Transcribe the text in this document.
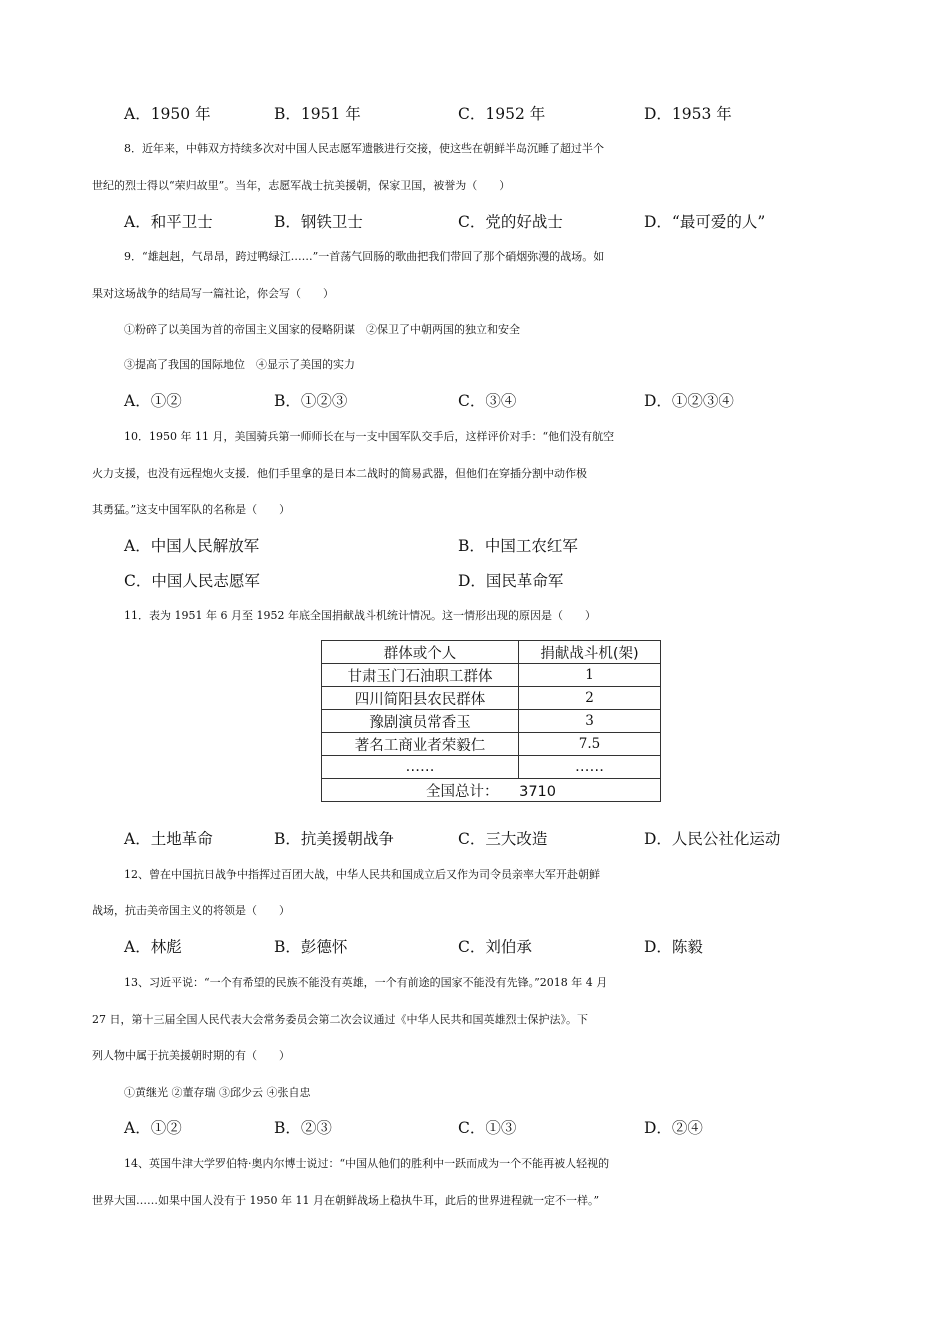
A．1950 年	B．1951 年	C．1952 年	D．1953 年
8．近年来，中韩双方持续多次对中国人民志愿军遗骸进行交接，使这些在朝鲜半岛沉睡了超过半个
世纪的烈士得以“荣归故里”。当年，志愿军战士抗美援朝，保家卫国，被誉为（　　）
A．和平卫士	B．钢铁卫士	C．党的好战士	D．“最可爱的人”
9．“雄赳赳，气昂昂，跨过鸭绿江……”一首荡气回肠的歌曲把我们带回了那个硝烟弥漫的战场。如
果对这场战争的结局写一篇社论，你会写（　　）
①粉碎了以美国为首的帝国主义国家的侵略阴谋　②保卫了中朝两国的独立和安全
③提高了我国的国际地位　④显示了美国的实力
A．①②	B．①②③	C．③④	D．①②③④
10．1950 年 11 月，美国骑兵第一师师长在与一支中国军队交手后，这样评价对手：“他们没有航空
火力支援，也没有远程炮火支援．他们手里拿的是日本二战时的简易武器，但他们在穿插分割中动作极
其勇猛。”这支中国军队的名称是（　　）
A．中国人民解放军	B．中国工农红军
C．中国人民志愿军	D．国民革命军
11．表为 1951 年 6 月至 1952 年底全国捐献战斗机统计情况。这一情形出现的原因是（　　）
群体或个人	捐献战斗机(架)
甘肃玉门石油职工群体	1
四川简阳县农民群体	2
豫剧演员常香玉	3
著名工商业者荣毅仁	7.5
……	……
全国总计： 3710	
A．土地革命	B．抗美援朝战争	C．三大改造	D．人民公社化运动
12、曾在中国抗日战争中指挥过百团大战，中华人民共和国成立后又作为司令员亲率大军开赴朝鲜
战场，抗击美帝国主义的将领是（　　）
A．林彪	B．彭德怀	C．刘伯承	D．陈毅
13、习近平说：“一个有希望的民族不能没有英雄，一个有前途的国家不能没有先锋。”2018 年 4 月
27 日，第十三届全国人民代表大会常务委员会第二次会议通过《中华人民共和国英雄烈士保护法》。下
列人物中属于抗美援朝时期的有（　　）
①黄继光 ②董存瑞 ③邱少云 ④张自忠
A．①②	B．②③	C．①③	D．②④
14、英国牛津大学罗伯特·奥内尔博士说过：“中国从他们的胜利中一跃而成为一个不能再被人轻视的
世界大国……如果中国人没有于 1950 年 11 月在朝鲜战场上稳执牛耳，此后的世界进程就一定不一样。”
